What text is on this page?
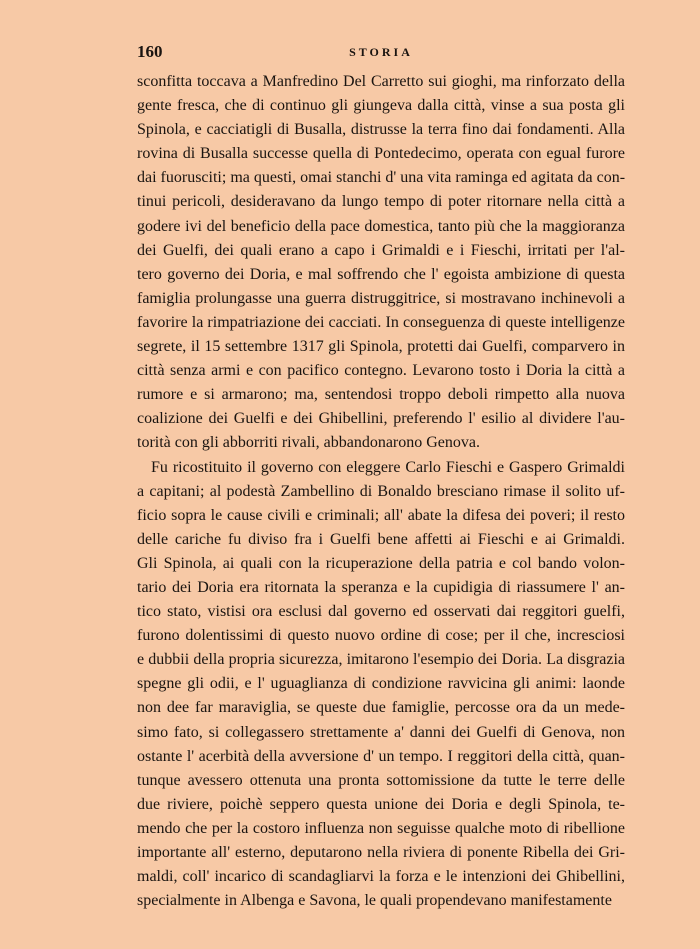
160	STORIA
sconfitta toccava a Manfredino Del Carretto sui gioghi, ma rinforzato della
gente fresca, che di continuo gli giungeva dalla città, vinse a sua posta gli
Spinola, e cacciatigli di Busalla, distrusse la terra fino dai fondamenti. Alla
rovina di Busalla successe quella di Pontedecimo, operata con egual furore
dai fuorusciti; ma questi, omai stanchi d' una vita raminga ed agitata da con-
tinui pericoli, desideravano da lungo tempo di poter ritornare nella città a
godere ivi del beneficio della pace domestica, tanto più che la maggioranza
dei Guelfi, dei quali erano a capo i Grimaldi e i Fieschi, irritati per l'al-
tero governo dei Doria, e mal soffrendo che l' egoista ambizione di questa
famiglia prolungasse una guerra distruggitrice, si mostravano inchinevoli a
favorire la rimpatriazione dei cacciati. In conseguenza di queste intelligenze
segrete, il 15 settembre 1317 gli Spinola, protetti dai Guelfi, comparvero in
città senza armi e con pacifico contegno. Levarono tosto i Doria la città a
rumore e si armarono; ma, sentendosi troppo deboli rimpetto alla nuova
coalizione dei Guelfi e dei Ghibellini, preferendo l' esilio al dividere l'au-
torità con gli abborriti rivali, abbandonarono Genova.
Fu ricostituito il governo con eleggere Carlo Fieschi e Gaspero Grimaldi
a capitani; al podestà Zambellino di Bonaldo bresciano rimase il solito uf-
ficio sopra le cause civili e criminali; all' abate la difesa dei poveri; il resto
delle cariche fu diviso fra i Guelfi bene affetti ai Fieschi e ai Grimaldi.
Gli Spinola, ai quali con la ricuperazione della patria e col bando volon-
tario dei Doria era ritornata la speranza e la cupidigia di riassumere l' an-
tico stato, vistisi ora esclusi dal governo ed osservati dai reggitori guelfi,
furono dolentissimi di questo nuovo ordine di cose; per il che, incresciosi
e dubbii della propria sicurezza, imitarono l'esempio dei Doria. La disgrazia
spegne gli odii, e l' uguaglianza di condizione ravvicina gli animi: laonde
non dee far maraviglia, se queste due famiglie, percosse ora da un mede-
simo fato, si collegassero strettamente a' danni dei Guelfi di Genova, non
ostante l' acerbità della avversione d' un tempo. I reggitori della città, quan-
tunque avessero ottenuta una pronta sottomissione da tutte le terre delle
due riviere, poichè seppero questa unione dei Doria e degli Spinola, te-
mendo che per la costoro influenza non seguisse qualche moto di ribellione
importante all' esterno, deputarono nella riviera di ponente Ribella dei Gri-
maldi, coll' incarico di scandagliarvi la forza e le intenzioni dei Ghibellini,
specialmente in Albenga e Savona, le quali propendevano manifestamente
